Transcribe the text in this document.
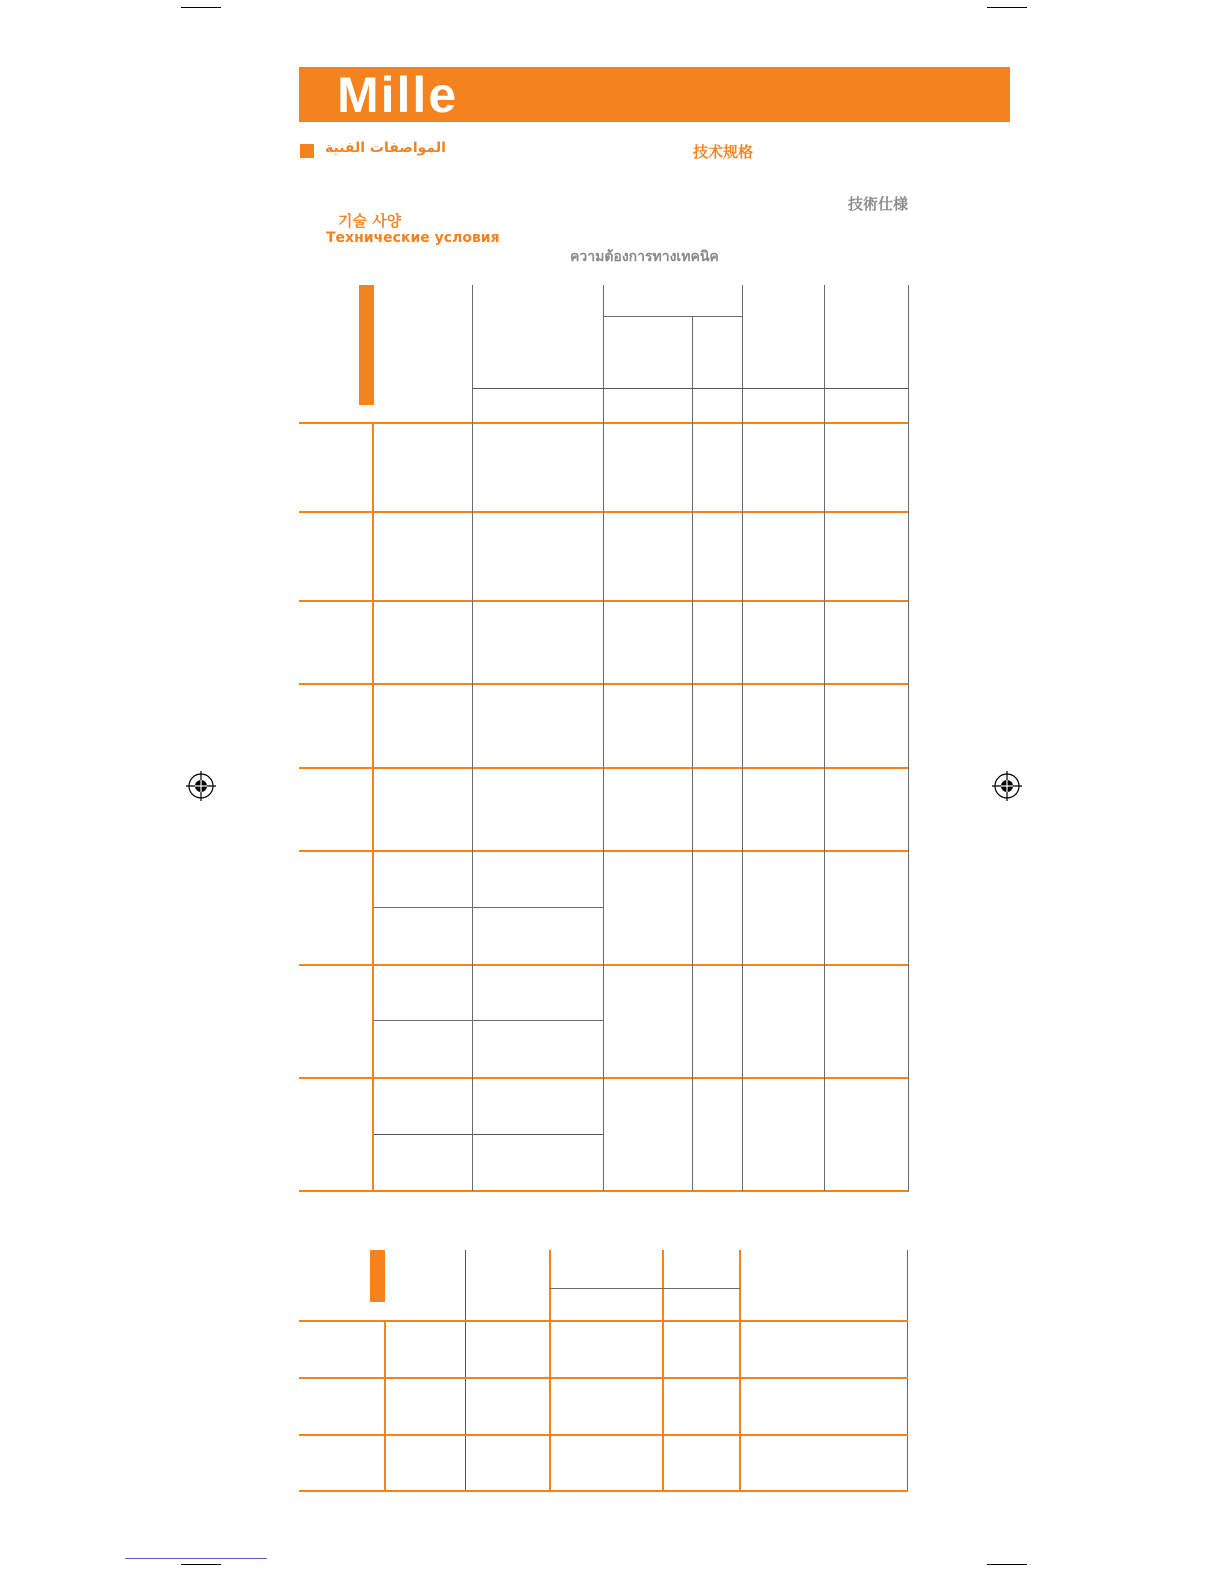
Mille
المواصفات الفنية	技术规格
技術仕様
기술 사양
Технические условия
ความต้องการทางเทคนิค
